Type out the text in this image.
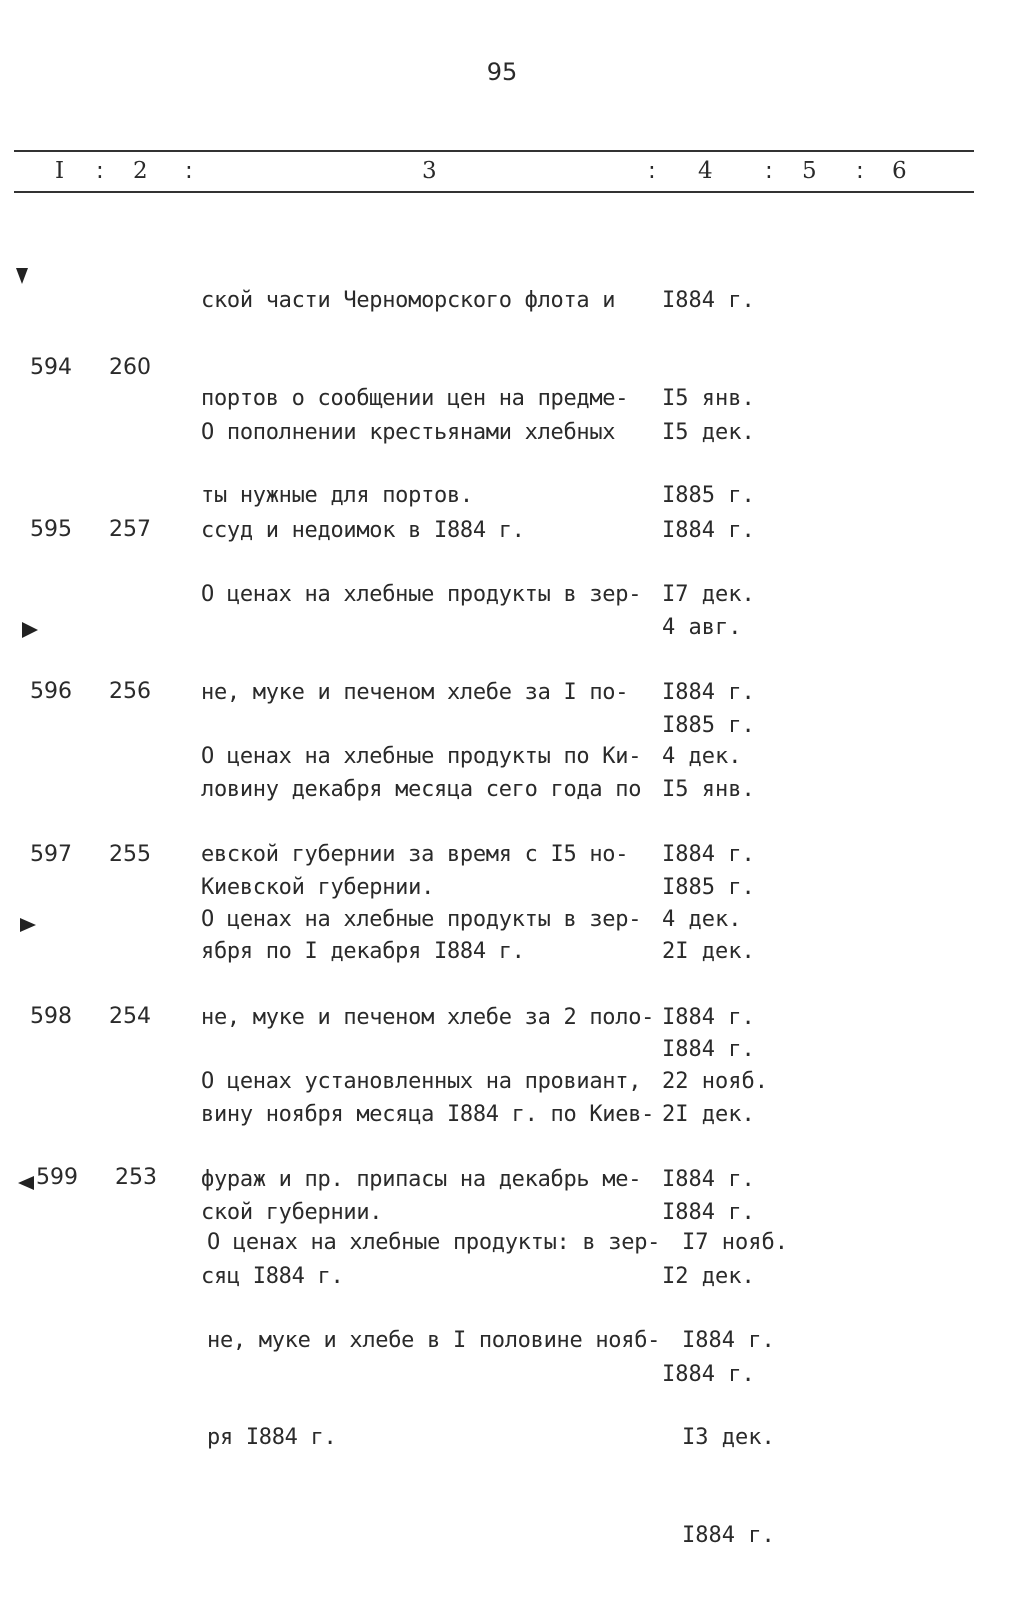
95
I : 2 :	3	: 4 : 5 : 6

ской части Черноморского флота и

портов о сообщении цен на предме-

ты нужные для портов.

I884 г.

I5 янв.

I885 г.

594 260

О пополнении крестьянами хлебных

ссуд и недоимок в I884 г.

I5 дек.

I884 г.

4 авг.

I885 г.

595 257

О ценах на хлебные продукты в зер-

не, муке и печеном хлебе за I по-

ловину декабря месяца сего года по

Киевской губернии.

I7 дек.

I884 г.

I5 янв.

I885 г.

596 256

О ценах на хлебные продукты по Ки-

евской губернии за время с I5 но-

ября по I декабря I884 г.

4 дек.

I884 г.

2I дек.

I884 г.

597 255

О ценах на хлебные продукты в зер-

не, муке и печеном хлебе за 2 поло-

вину ноября месяца I884 г. по Киев-

ской губернии.

4 дек.

I884 г.

2I дек.

I884 г.

598 254

О ценах установленных на провиант,

фураж и пр. припасы на декабрь ме-

сяц I884 г.

22 нояб.

I884 г.

I2 дек.

I884 г.

599 253

О ценах на хлебные продукты: в зер-

не, муке и хлебе в I половине нояб-

ря I884 г.

I7 нояб.

I884 г.

I3 дек.

I884 г.
